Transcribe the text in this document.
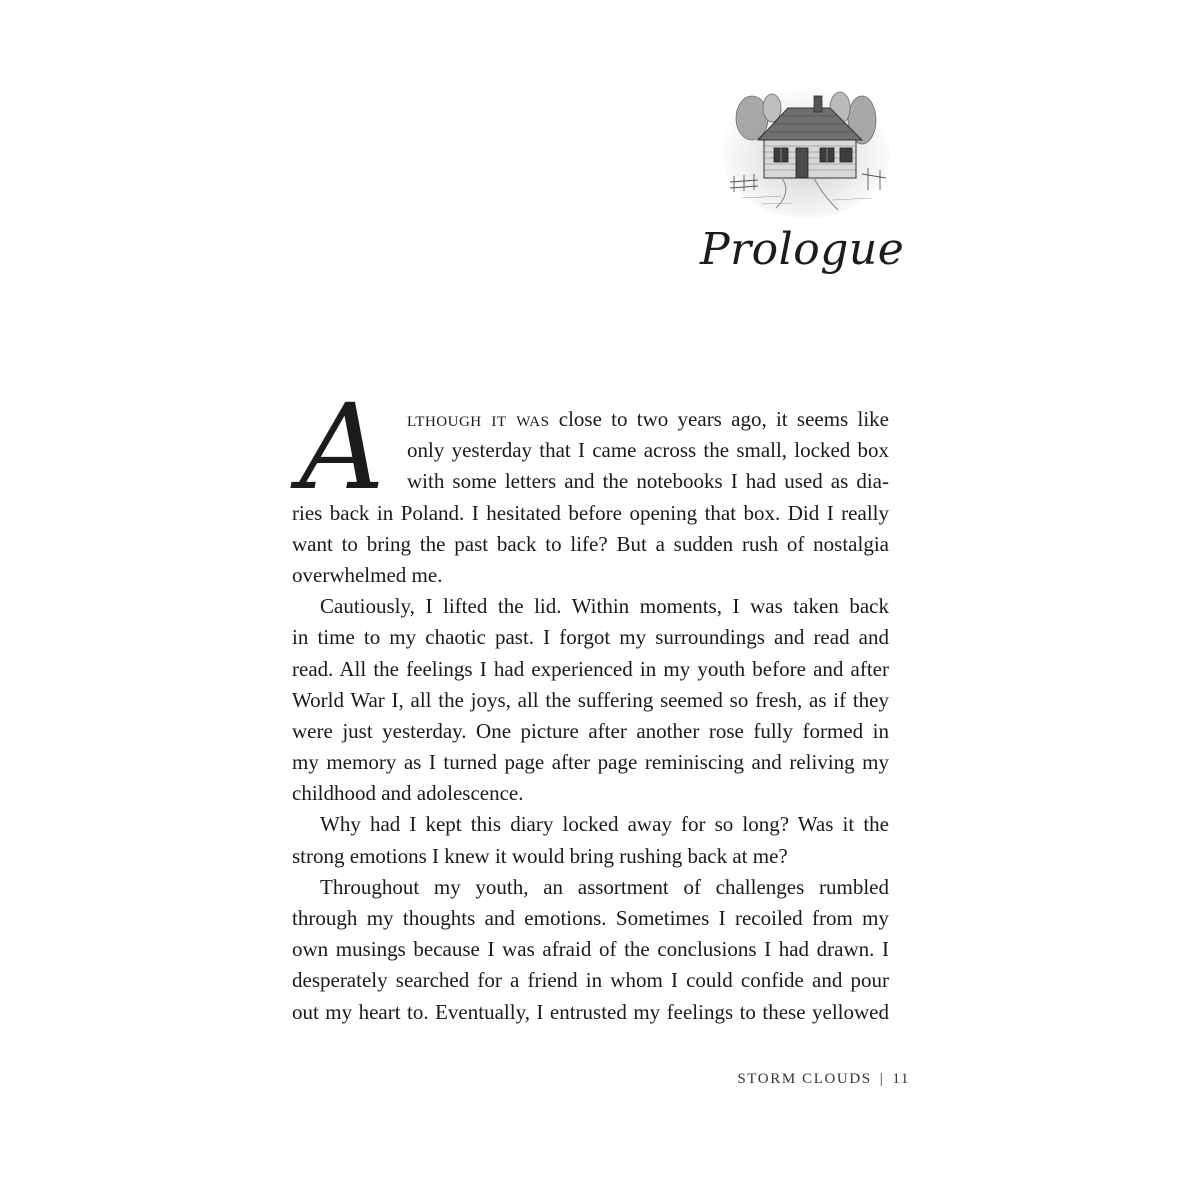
Prologue
A	lthough it was close to two years ago, it seems like
only yesterday that I came across the small, locked box
with some letters and the notebooks I had used as dia-
ries back in Poland. I hesitated before opening that box. Did I really
want to bring the past back to life? But a sudden rush of nostalgia
overwhelmed me.
Cautiously, I lifted the lid. Within moments, I was taken back
in time to my chaotic past. I forgot my surroundings and read and
read. All the feelings I had experienced in my youth before and after
World War I, all the joys, all the suffering seemed so fresh, as if they
were just yesterday. One picture after another rose fully formed in
my memory as I turned page after page reminiscing and reliving my
childhood and adolescence.
Why had I kept this diary locked away for so long? Was it the
strong emotions I knew it would bring rushing back at me?
Throughout my youth, an assortment of challenges rumbled
through my thoughts and emotions. Sometimes I recoiled from my
own musings because I was afraid of the conclusions I had drawn. I
desperately searched for a friend in whom I could confide and pour
out my heart to. Eventually, I entrusted my feelings to these yellowed
STORM CLOUDS | 11
